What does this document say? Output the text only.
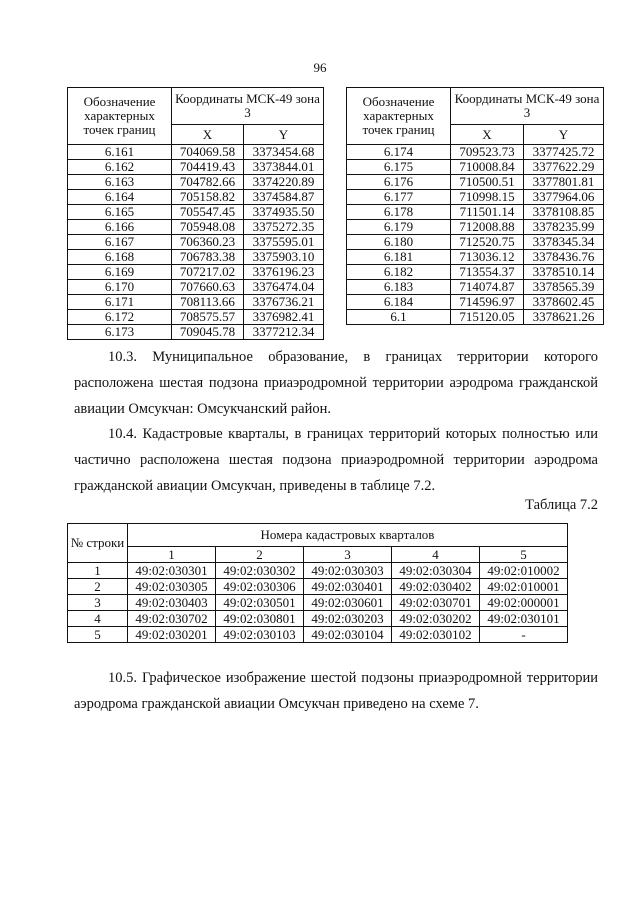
96
Обозначение характерных точек границ	Координаты МСК-49 зона 3	
	X	Y
6.161	704069.58	3373454.68
6.162	704419.43	3373844.01
6.163	704782.66	3374220.89
6.164	705158.82	3374584.87
6.165	705547.45	3374935.50
6.166	705948.08	3375272.35
6.167	706360.23	3375595.01
6.168	706783.38	3375903.10
6.169	707217.02	3376196.23
6.170	707660.63	3376474.04
6.171	708113.66	3376736.21
6.172	708575.57	3376982.41
6.173	709045.78	3377212.34
Обозначение характерных точек границ	Координаты МСК-49 зона 3	
	X	Y
6.174	709523.73	3377425.72
6.175	710008.84	3377622.29
6.176	710500.51	3377801.81
6.177	710998.15	3377964.06
6.178	711501.14	3378108.85
6.179	712008.88	3378235.99
6.180	712520.75	3378345.34
6.181	713036.12	3378436.76
6.182	713554.37	3378510.14
6.183	714074.87	3378565.39
6.184	714596.97	3378602.45
6.1	715120.05	3378621.26
10.3. Муниципальное образование, в границах территории которого расположена шестая подзона приаэродромной территории аэродрома гражданской авиации Омсукчан: Омсукчанский район.
10.4. Кадастровые кварталы, в границах территорий которых полностью или частично расположена шестая подзона приаэродромной территории аэродрома гражданской авиации Омсукчан, приведены в таблице 7.2.
Таблица 7.2
№ строки	Номера кадастровых кварталов				
	1	2	3	4	5
1	49:02:030301	49:02:030302	49:02:030303	49:02:030304	49:02:010002
2	49:02:030305	49:02:030306	49:02:030401	49:02:030402	49:02:010001
3	49:02:030403	49:02:030501	49:02:030601	49:02:030701	49:02:000001
4	49:02:030702	49:02:030801	49:02:030203	49:02:030202	49:02:030101
5	49:02:030201	49:02:030103	49:02:030104	49:02:030102	-
10.5. Графическое изображение шестой подзоны приаэродромной территории аэродрома гражданской авиации Омсукчан приведено на схеме 7.
